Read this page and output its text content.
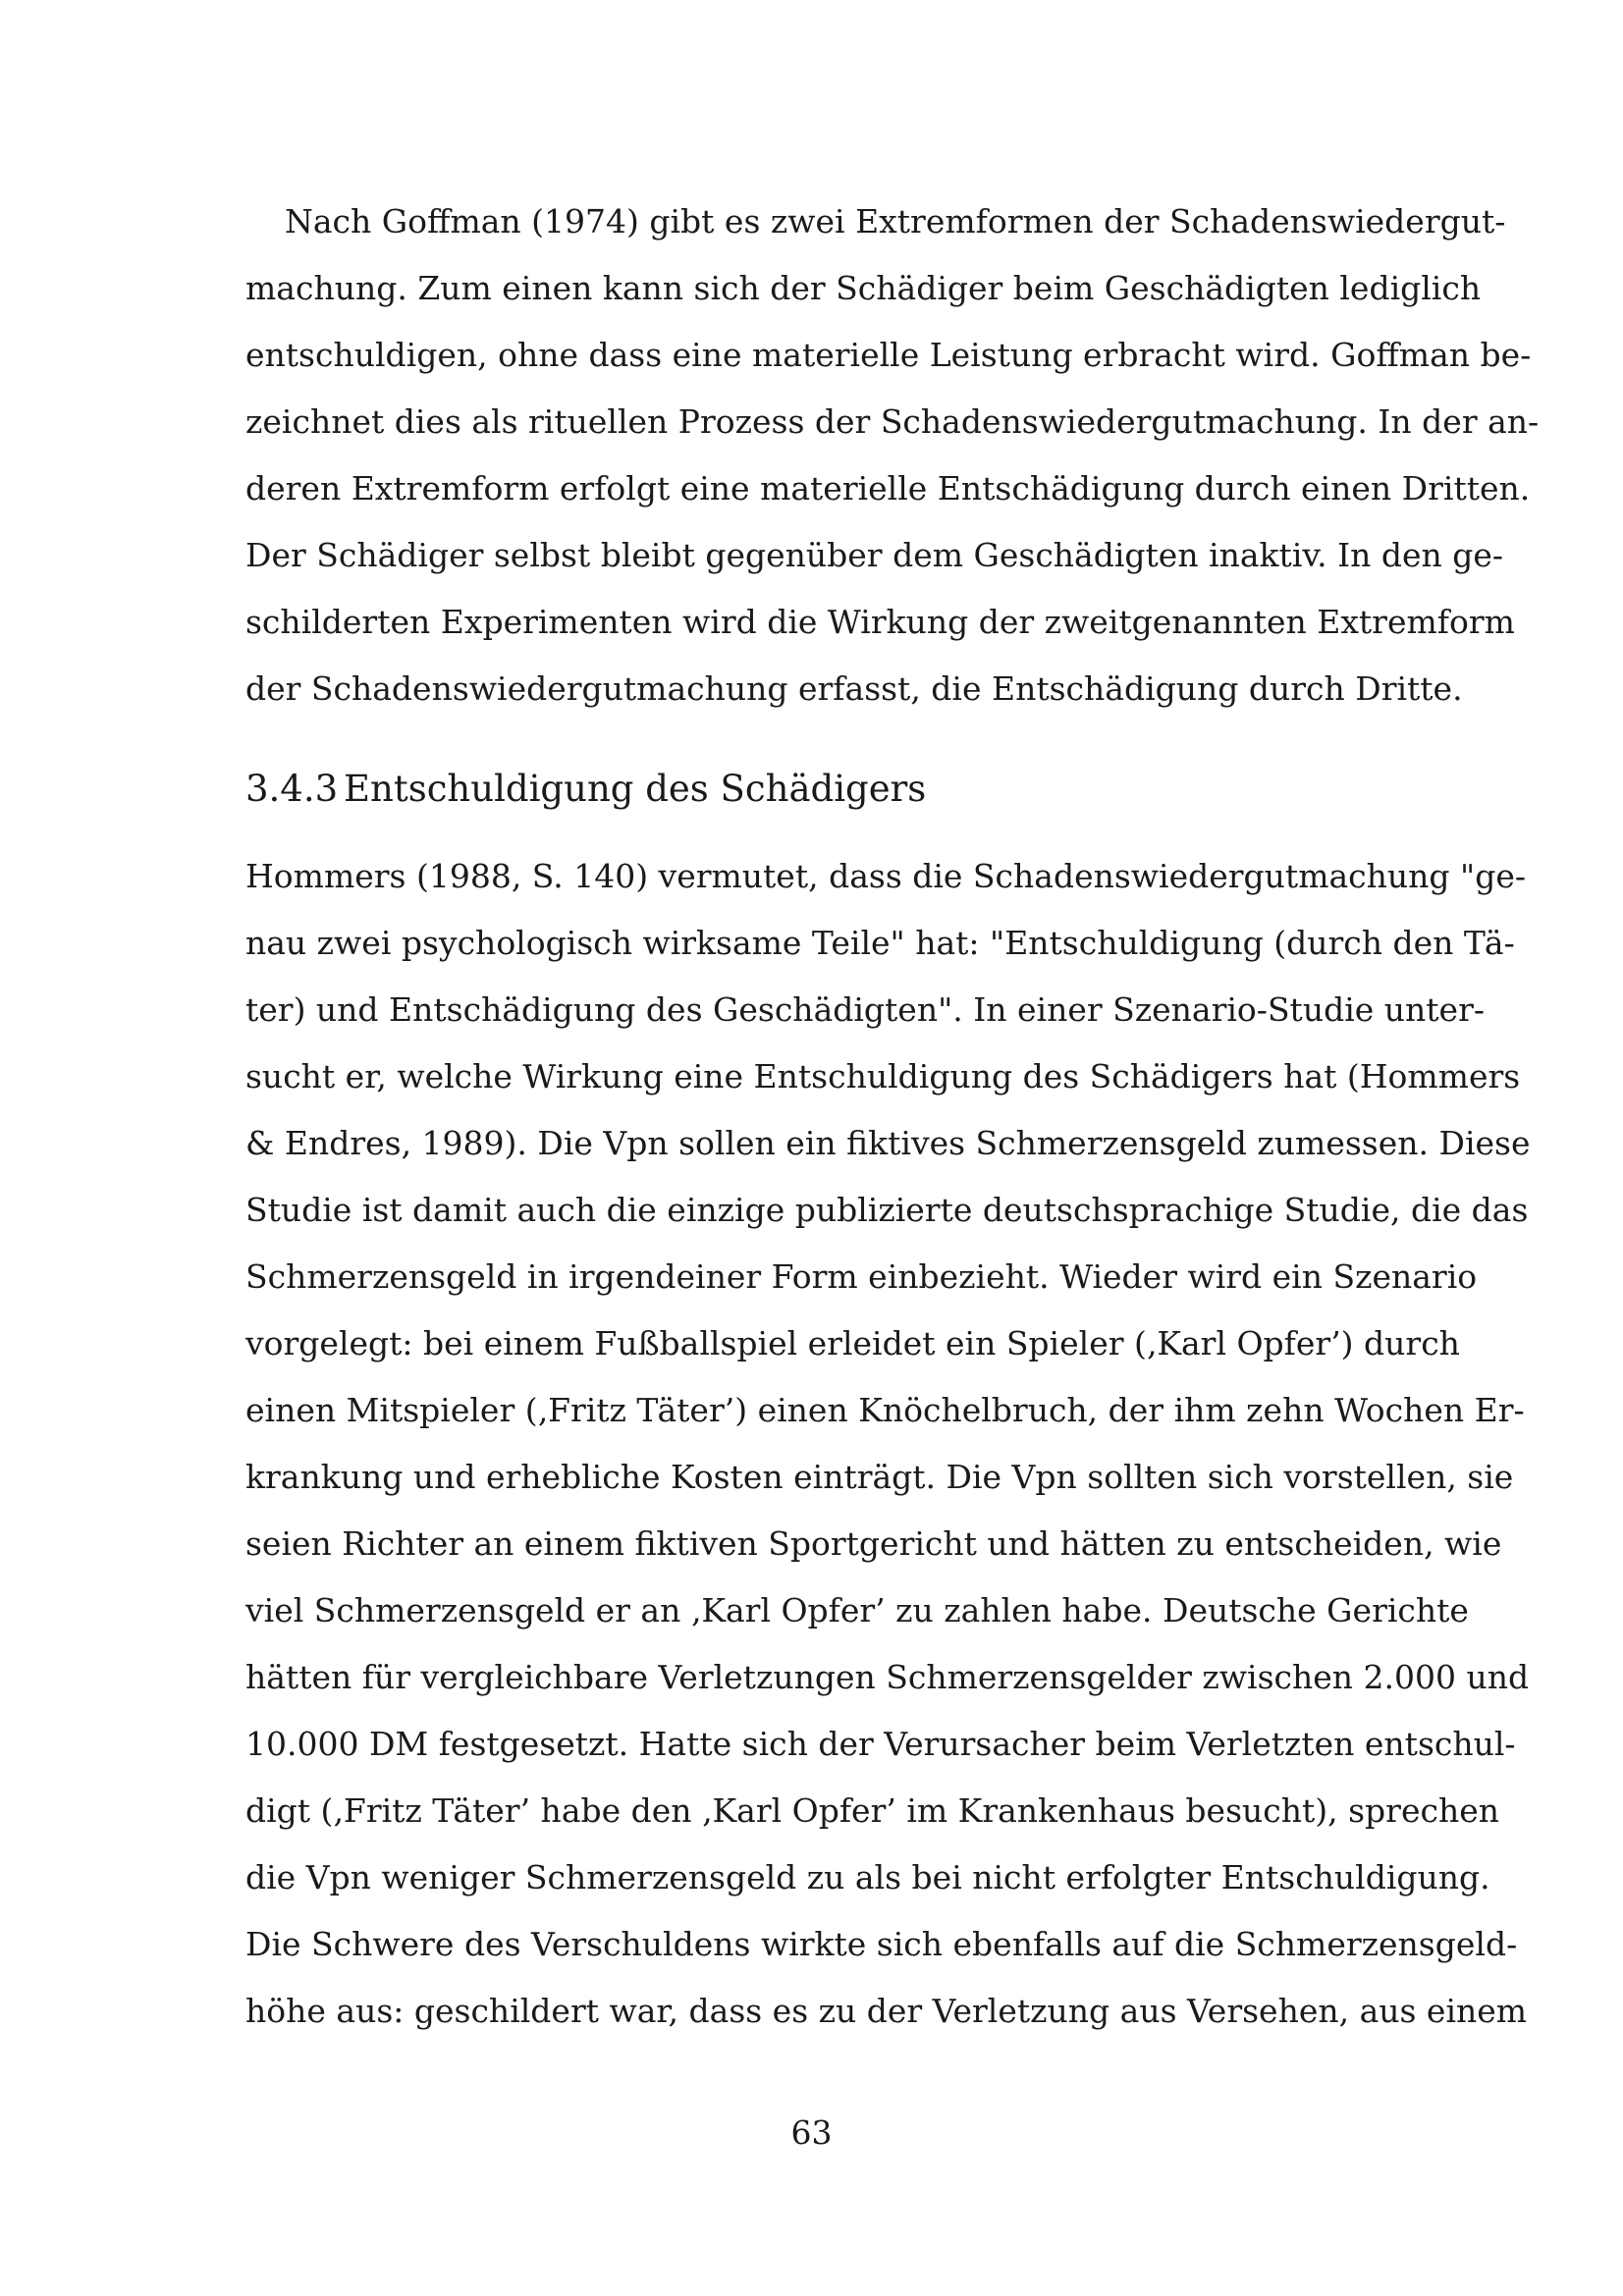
Nach Goffman (1974) gibt es zwei Extremformen der Schadenswiedergut-
machung. Zum einen kann sich der Schädiger beim Geschädigten lediglich
entschuldigen, ohne dass eine materielle Leistung erbracht wird. Goffman be-
zeichnet dies als rituellen Prozess der Schadenswiedergutmachung. In der an-
deren Extremform erfolgt eine materielle Entschädigung durch einen Dritten.
Der Schädiger selbst bleibt gegenüber dem Geschädigten inaktiv. In den ge-
schilderten Experimenten wird die Wirkung der zweitgenannten Extremform
der Schadenswiedergutmachung erfasst, die Entschädigung durch Dritte.
3.4.3 Entschuldigung des Schädigers
Hommers (1988, S. 140) vermutet, dass die Schadenswiedergutmachung "ge-
nau zwei psychologisch wirksame Teile" hat: "Entschuldigung (durch den Tä-
ter) und Entschädigung des Geschädigten". In einer Szenario-Studie unter-
sucht er, welche Wirkung eine Entschuldigung des Schädigers hat (Hommers
& Endres, 1989). Die Vpn sollen ein fiktives Schmerzensgeld zumessen. Diese
Studie ist damit auch die einzige publizierte deutschsprachige Studie, die das
Schmerzensgeld in irgendeiner Form einbezieht. Wieder wird ein Szenario
vorgelegt: bei einem Fußballspiel erleidet ein Spieler (‚Karl Opfer’) durch
einen Mitspieler (‚Fritz Täter’) einen Knöchelbruch, der ihm zehn Wochen Er-
krankung und erhebliche Kosten einträgt. Die Vpn sollten sich vorstellen, sie
seien Richter an einem fiktiven Sportgericht und hätten zu entscheiden, wie
viel Schmerzensgeld er an ‚Karl Opfer’ zu zahlen habe. Deutsche Gerichte
hätten für vergleichbare Verletzungen Schmerzensgelder zwischen 2.000 und
10.000 DM festgesetzt. Hatte sich der Verursacher beim Verletzten entschul-
digt (‚Fritz Täter’ habe den ‚Karl Opfer’ im Krankenhaus besucht), sprechen
die Vpn weniger Schmerzensgeld zu als bei nicht erfolgter Entschuldigung.
Die Schwere des Verschuldens wirkte sich ebenfalls auf die Schmerzensgeld-
höhe aus: geschildert war, dass es zu der Verletzung aus Versehen, aus einem
63
